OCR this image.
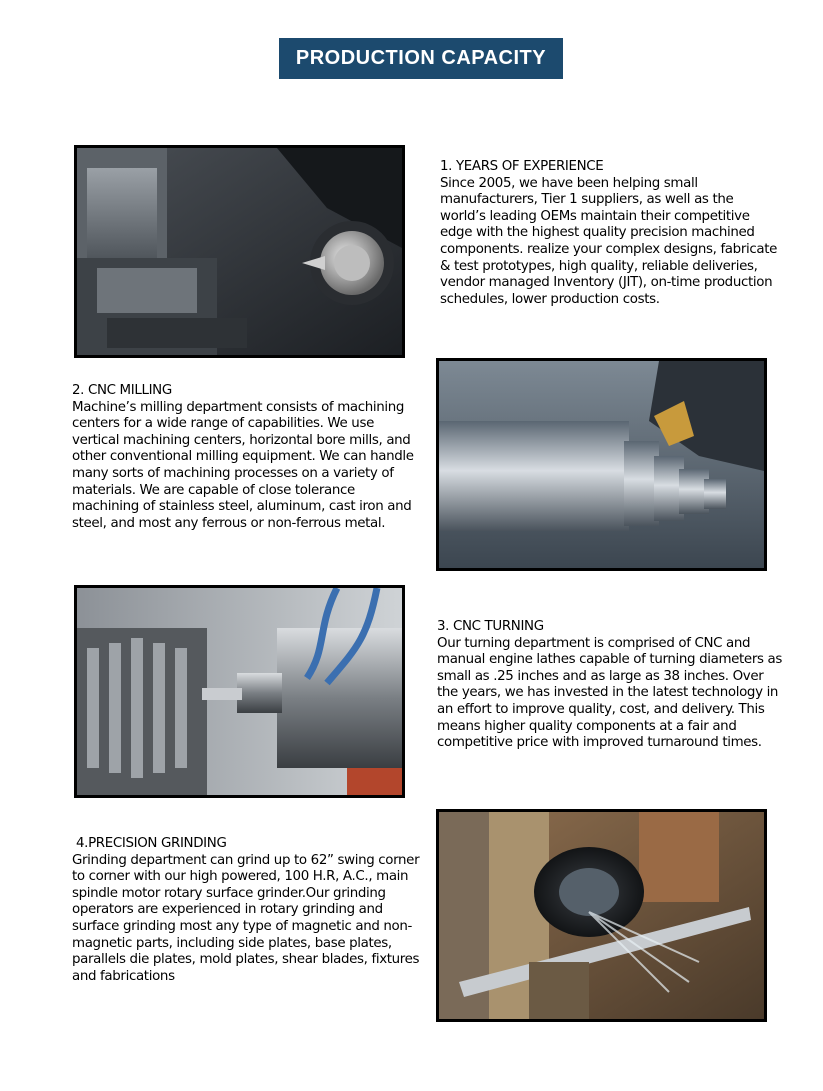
PRODUCTION CAPACITY
1. YEARS OF EXPERIENCE
Since 2005, we have been helping small manufacturers, Tier 1 suppliers, as well as the world’s leading OEMs maintain their competitive edge with the highest quality precision machined components. realize your complex designs, fabricate & test prototypes, high quality, reliable deliveries, vendor managed Inventory (JIT), on-time production schedules, lower production costs.
2. CNC MILLING
Machine’s milling department consists of machining centers for a wide range of capabilities. We use vertical machining centers, horizontal bore mills, and other conventional milling equipment. We can handle many sorts of machining processes on a variety of materials. We are capable of close tolerance machining of stainless steel, aluminum, cast iron and steel, and most any ferrous or non-ferrous metal.
3. CNC TURNING
Our turning department is comprised of CNC and manual engine lathes capable of turning diameters as small as .25 inches and as large as 38 inches. Over the years, we has invested in the latest technology in an effort to improve quality, cost, and delivery. This means higher quality components at a fair and competitive price with improved turnaround times.
4.PRECISION GRINDING
Grinding department can grind up to 62” swing corner to corner with our high powered, 100 H.R, A.C., main spindle motor rotary surface grinder.Our grinding operators are experienced in rotary grinding and surface grinding most any type of magnetic and non-magnetic parts, including side plates, base plates, parallels die plates, mold plates, shear blades, fixtures and fabrications
